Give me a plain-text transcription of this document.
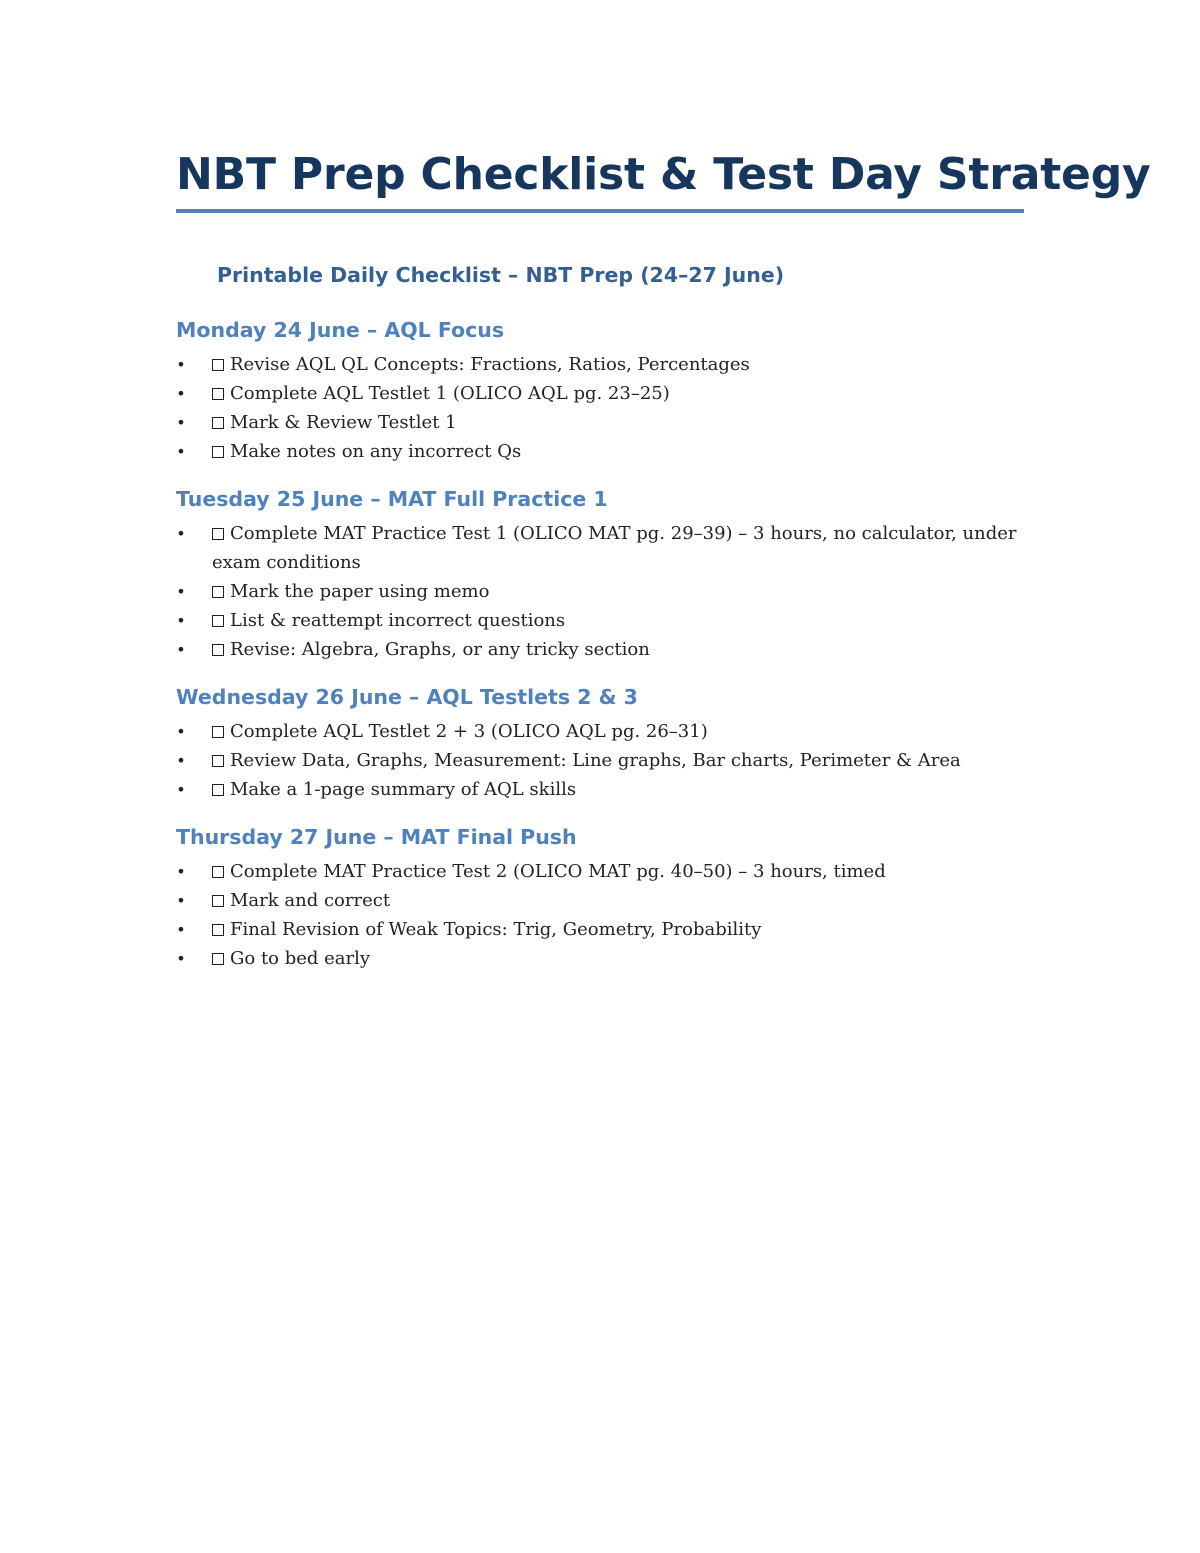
NBT Prep Checklist & Test Day Strategy
Printable Daily Checklist – NBT Prep (24–27 June)
Monday 24 June – AQL Focus
• Revise AQL QL Concepts: Fractions, Ratios, Percentages
• Complete AQL Testlet 1 (OLICO AQL pg. 23–25)
• Mark & Review Testlet 1
• Make notes on any incorrect Qs
Tuesday 25 June – MAT Full Practice 1
• Complete MAT Practice Test 1 (OLICO MAT pg. 29–39) – 3 hours, no calculator, under exam conditions
• Mark the paper using memo
• List & reattempt incorrect questions
• Revise: Algebra, Graphs, or any tricky section
Wednesday 26 June – AQL Testlets 2 & 3
• Complete AQL Testlet 2 + 3 (OLICO AQL pg. 26–31)
• Review Data, Graphs, Measurement: Line graphs, Bar charts, Perimeter & Area
• Make a 1-page summary of AQL skills
Thursday 27 June – MAT Final Push
• Complete MAT Practice Test 2 (OLICO MAT pg. 40–50) – 3 hours, timed
• Mark and correct
• Final Revision of Weak Topics: Trig, Geometry, Probability
• Go to bed early
